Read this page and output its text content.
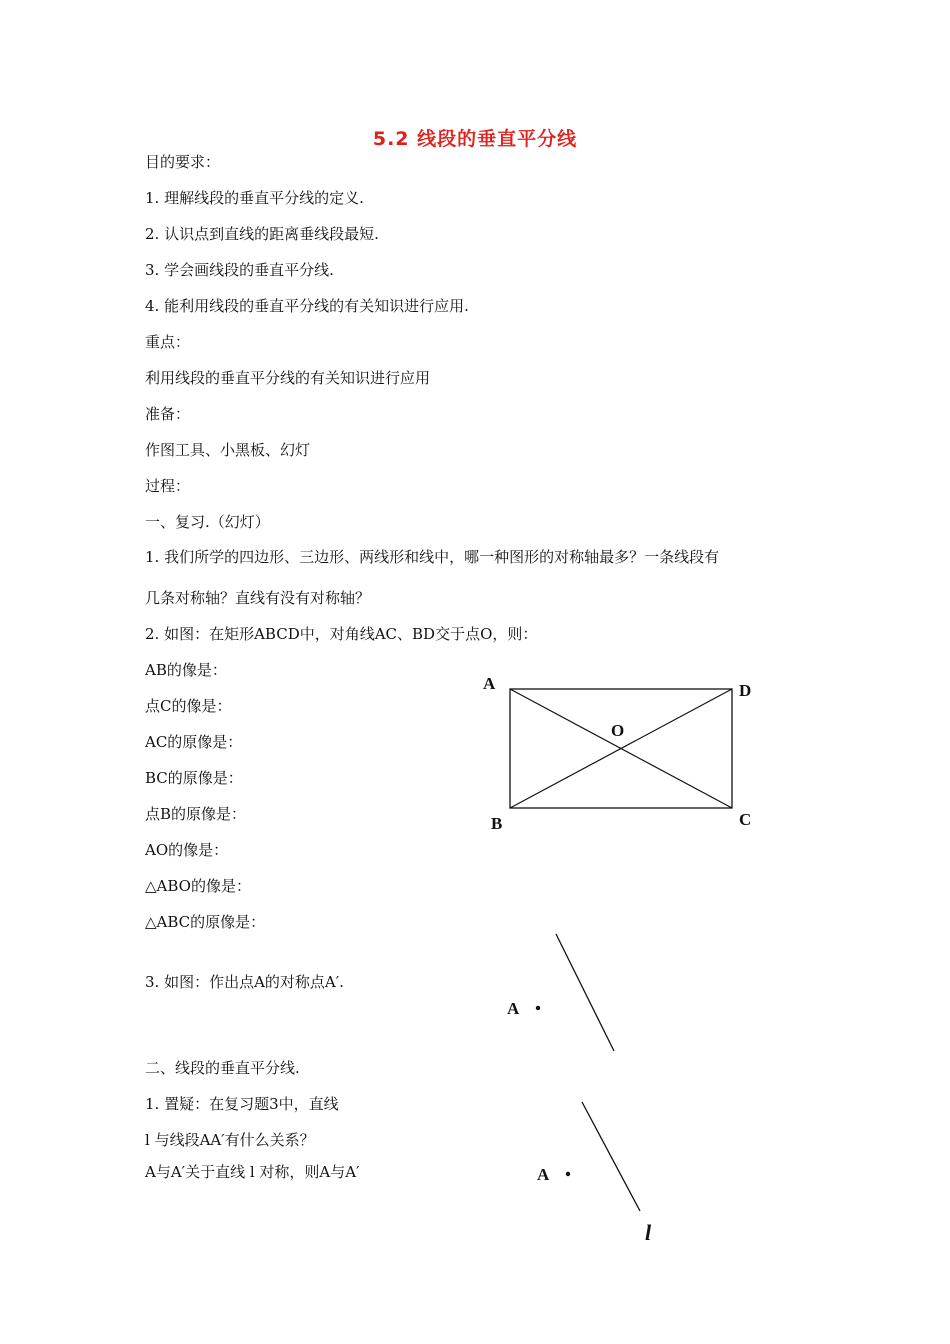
5.2 线段的垂直平分线
目的要求：
1. 理解线段的垂直平分线的定义.
2. 认识点到直线的距离垂线段最短.
3. 学会画线段的垂直平分线.
4. 能利用线段的垂直平分线的有关知识进行应用.
重点：
利用线段的垂直平分线的有关知识进行应用
准备：
作图工具、小黑板、幻灯
过程：
一、复习.（幻灯）
1. 我们所学的四边形、三边形、两线形和线中，哪一种图形的对称轴最多？一条线段有
几条对称轴？直线有没有对称轴？
2. 如图：在矩形ABCD中，对角线AC、BD交于点O，则：
AB的像是：
点C的像是：
AC的原像是：
BC的原像是：
点B的原像是：
AO的像是：
△ABO的像是：
△ABC的原像是：
3. 如图：作出点A的对称点A′.
二、线段的垂直平分线.
1. 置疑：在复习题3中，直线
l 与线段AA′有什么关系？
A与A′关于直线 l 对称，则A与A′
A	D
O
B	C
A
A
l
